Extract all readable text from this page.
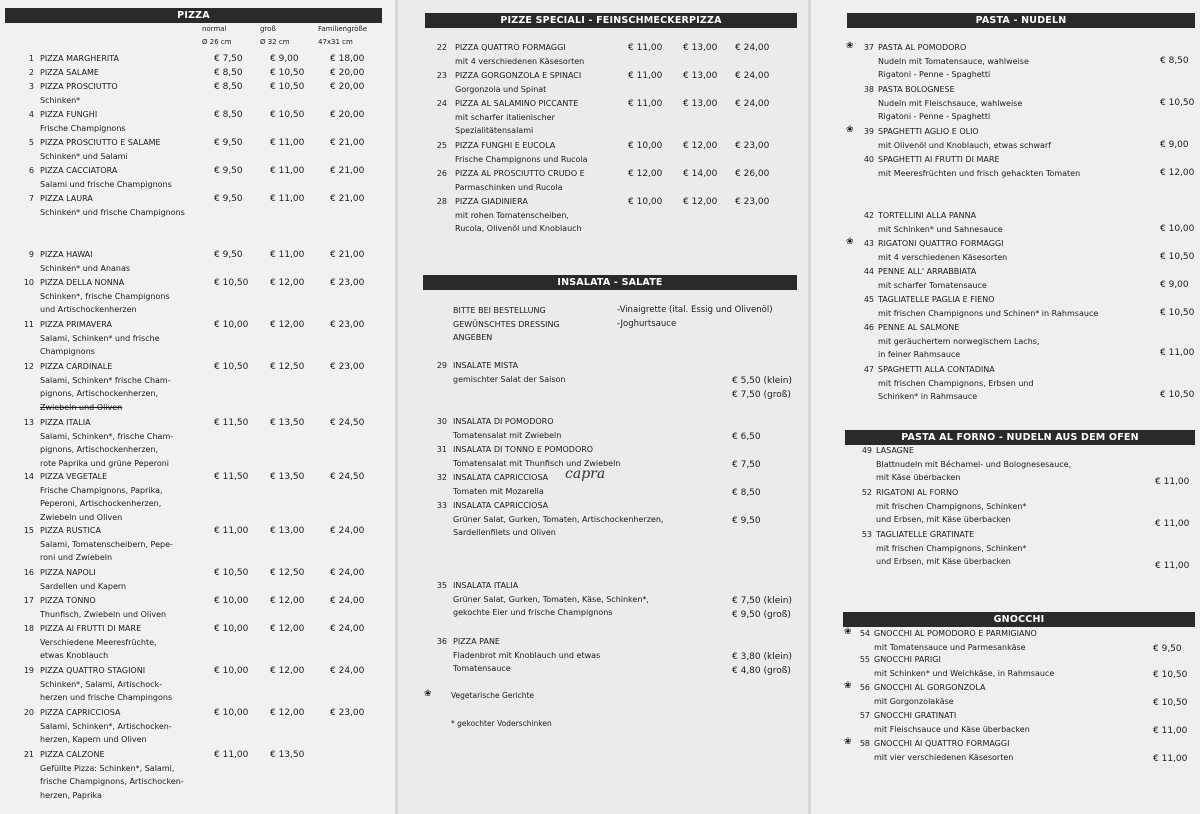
PIZZA	PIZZE SPECIALI - FEINSCHMECKERPIZZA
INSALATA - SALATE
PASTA - NUDELN
PASTA AL FORNO - NUDELN AUS DEM OFEN
GNOCCHI
normal
Ø 26 cm
groß
Ø 32 cm
Familiengröße
47x31 cm
1 PIZZA MARGHERITA	€ 7,50	€ 9,00	€ 18,00
2 PIZZA SALAME	€ 8,50	€ 10,50	€ 20,00
3 PIZZA PROSCIUTTO
Schinken*
€ 8,50	€ 10,50	€ 20,00
4 PIZZA FUNGHI
Frische Champignons
€ 8,50	€ 10,50	€ 20,00
5 PIZZA PROSCIUTTO E SALAME
Schinken* und Salami
€ 9,50	€ 11,00	€ 21,00
6 PIZZA CACCIATORA
Salami und frische Champignons
€ 9,50	€ 11,00	€ 21,00
7 PIZZA LAURA
Schinken* und frische Champignons
€ 9,50	€ 11,00	€ 21,00
9 PIZZA HAWAI
Schinken* und Ananas
€ 9,50	€ 11,00	€ 21,00
10 PIZZA DELLA NONNA
Schinken*, frische Champignons
und Artischockenherzen
€ 10,50 € 12,00	€ 23,00
11 PIZZA PRIMAVERA
Salami, Schinken* und frische
Champignons
€ 10,00 € 12,00	€ 23,00
12 PIZZA CARDINALE
Salami, Schinken* frische Cham-
pignons, Artischockenherzen,
Zwiebeln und Oliven
€ 10,50 € 12,50	€ 23,00
13 PIZZA ITALIA
Salami, Schinken*, frische Cham-
pignons, Artischockenherzen,
rote Paprika und grüne Peperoni
€ 11,50 € 13,50	€ 24,50
14 PIZZA VEGETALE
Frische Champignons, Paprika,
Peperoni, Artischockenherzen,
Zwiebeln und Oliven
€ 11,50 € 13,50	€ 24,50
15 PIZZA RUSTICA
Salami, Tomatenscheibern, Pepe-
roni und Zwiebeln
€ 11,00 € 13,00	€ 24,00
16 PIZZA NAPOLI
Sardellen und Kapern
€ 10,50 € 12,50	€ 24,00
17 PIZZA TONNO
Thunfisch, Zwiebeln und Oliven
€ 10,00 € 12,00	€ 24,00
18 PIZZA AI FRUTTI DI MARE
Verschiedene Meeresfrüchte,
etwas Knoblauch
€ 10,00 € 12,00	€ 24,00
19 PIZZA QUATTRO STAGIONI
Schinken*, Salami, Artischock-
herzen und frische Champingons
€ 10,00 € 12,00	€ 24,00
20 PIZZA CAPRICCIOSA
Salami, Schinken*, Artischocken-
herzen, Kapern und Oliven
€ 10,00 € 12,00	€ 23,00
21 PIZZA CALZONE
Gefüllte Pizza: Schinken*, Salami,
frische Champignons, Artischocken-
herzen, Paprika
€ 11,00 € 13,50
22 PIZZA QUATTRO FORMAGGI
mit 4 verschiedenen Käsesorten
€ 11,00 € 13,00 € 24,00
23 PIZZA GORGONZOLA E SPINACI
Gorgonzola und Spinat
€ 11,00 € 13,00 € 24,00
24 PIZZA AL SALAMINO PICCANTE
mit scharfer italienischer
Spezialitätensalami
€ 11,00 € 13,00 € 24,00
25 PIZZA FUNGHI E EUCOLA
Frische Champignons und Rucola
€ 10,00 € 12,00 € 23,00
26 PIZZA AL PROSCIUTTO CRUDO E
Parmaschinken und Rucola
€ 12,00 € 14,00 € 26,00
28 PIZZA GIADINIERA
mit rohen Tomatenscheiben,
Rucola, Olivenöl und Knoblauch
€ 10,00 € 12,00 € 23,00
29 INSALATE MISTA
gemischter Salat der Saison	€ 5,50 (klein)
€ 7,50 (groß)
30 INSALATA DI POMODORO
Tomatensalat mit Zwiebeln	€ 6,50
31 INSALATA DI TONNO E POMODORO
Tomatensalat mit Thunfisch und Zwiebeln	€ 7,50
32 INSALATA CAPRICCIOSA
Tomaten mit Mozarella	€ 8,50
capra
33 INSALATA CAPRICCIOSA
Grüner Salat, Gurken, Tomaten, Artischockenherzen,
Sardellenfilets und Oliven
€ 9,50
35 INSALATA ITALIA
Grüner Salat, Gurken, Tomaten, Käse, Schinken*,
gekochte Eier und frische Champignons
€ 7,50 (klein)
€ 9,50 (groß)
36 PIZZA PANE
Fladenbrot mit Knoblauch und etwas
Tomatensauce
€ 3,80 (klein)
€ 4,80 (groß)
❀	37 PASTA AL POMODORO
Nudeln mit Tomatensauce, wahlweise
Rigatoni - Penne - Spaghetti
€ 8,50
38 PASTA BOLOGNESE
Nudeln mit Fleischsauce, wahlweise
Rigatoni - Penne - Spaghetti
€ 10,50
❀	39 SPAGHETTI AGLIO E OLIO
mit Olivenöl und Knoblauch, etwas schwarf	€ 9,00
40 SPAGHETTI AI FRUTTI DI MARE
mit Meeresfrüchten und frisch gehackten Tomaten	€ 12,00
42 TORTELLINI ALLA PANNA
mit Schinken* und Sahnesauce	€ 10,00
❀	43 RIGATONI QUATTRO FORMAGGI
mit 4 verschiedenen Käsesorten	€ 10,50
44 PENNE ALL' ARRABBIATA
mit scharfer Tomatensauce	€ 9,00
45 TAGLIATELLE PAGLIA E FIENO
mit frischen Champignons und Schinen* in Rahmsauce	€ 10,50
46 PENNE AL SALMONE
mit geräuchertem norwegischem Lachs,
in feiner Rahmsauce	€ 11,00
47 SPAGHETTI ALLA CONTADINA
mit frischen Champignons, Erbsen und
Schinken* in Rahmsauce	€ 10,50
49 LASAGNE
Blattnudeln mit Béchamel- und Bolognesesauce,
mit Käse überbacken	€ 11,00
52 RIGATONI AL FORNO
mit frischen Champignons, Schinken*
und Erbsen, mit Käse überbacken	€ 11,00
53 TAGLIATELLE GRATINATE
mit frischen Champignons, Schinken*
und Erbsen, mit Käse überbacken	€ 11,00
❀	54 GNOCCHI AL POMODORO E PARMIGIANO
mit Tomatensauce und Parmesankäse	€ 9,50
55 GNOCCHI PARIGI
mit Schinken* und Weichkäse, in Rahmsauce	€ 10,50
❀	56 GNOCCHI AL GORGONZOLA
mit Gorgonzolakäse	€ 10,50
57 GNOCCHI GRATINATI
mit Fleischsauce und Käse überbacken	€ 11,00
❀	58 GNOCCHI AI QUATTRO FORMAGGI
mit vier verschiedenen Käsesorten	€ 11,00
BITTE BEI BESTELLUNG
GEWÜNSCHTES DRESSING
ANGEBEN
-Vinaigrette (ital. Essig und Olivenöl)
-Joghurtsauce
❀	Vegetarische Gerichte
* gekochter Voderschinken
